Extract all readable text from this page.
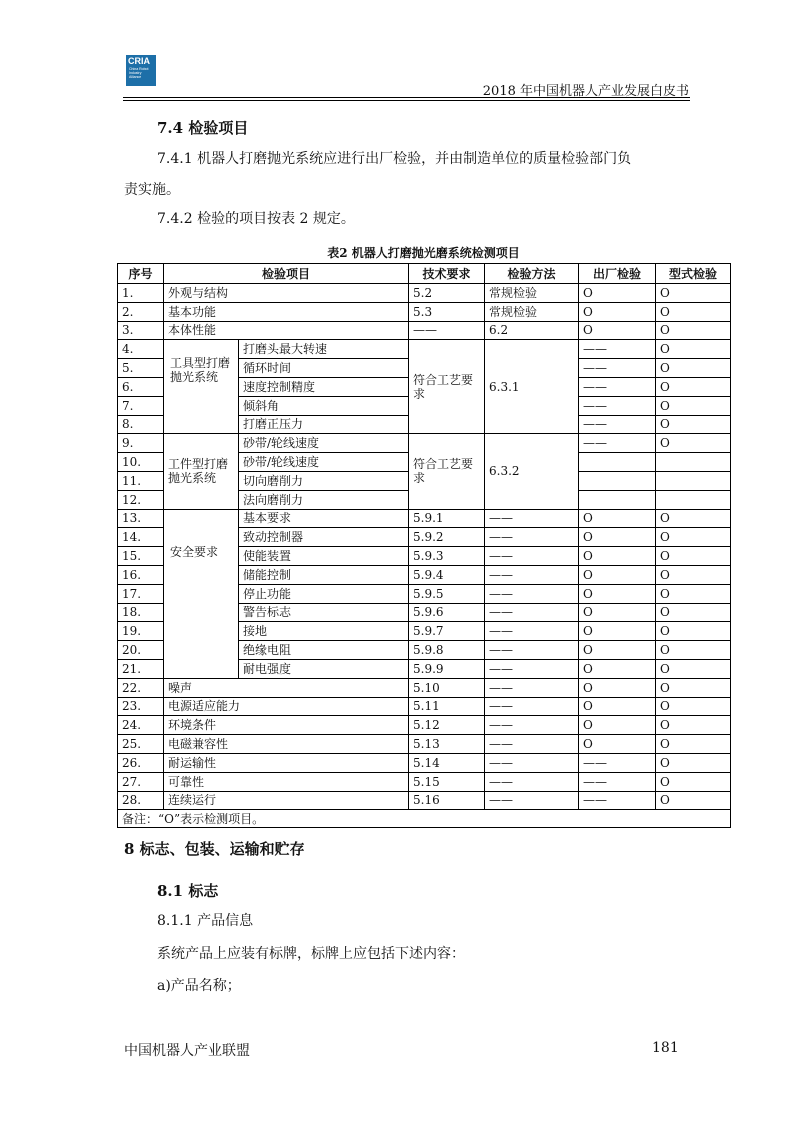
CRIA
China Robot Industry Alliance
2018 年中国机器人产业发展白皮书
7.4 检验项目
7.4.1 机器人打磨抛光系统应进行出厂检验，并由制造单位的质量检验部门负
责实施。
7.4.2 检验的项目按表 2 规定。
表2 机器人打磨抛光磨系统检测项目
序号	检验项目		技术要求	检验方法	出厂检验	型式检验
1.	外观与结构		5.2	常规检验	O	O
2.	基本功能		5.3	常规检验	O	O
3.	本体性能		——	6.2	O	O
4.	工具型打磨抛光系统	打磨头最大转速	符合工艺要求	6.3.1	——	O
5.		循环时间			——	O
6.		速度控制精度			——	O
7.		倾斜角			——	O
8.		打磨正压力			——	O
9.	工件型打磨抛光系统	砂带/轮线速度	符合工艺要求	6.3.2	——	O
10.		砂带/轮线速度				
11.		切向磨削力				
12.		法向磨削力				
13.	安全要求	基本要求	5.9.1	——	O	O
14.		致动控制器	5.9.2	——	O	O
15.		使能装置	5.9.3	——	O	O
16.		储能控制	5.9.4	——	O	O
17.		停止功能	5.9.5	——	O	O
18.		警告标志	5.9.6	——	O	O
19.		接地	5.9.7	——	O	O
20.		绝缘电阻	5.9.8	——	O	O
21.		耐电强度	5.9.9	——	O	O
22.	噪声		5.10	——	O	O
23.	电源适应能力		5.11	——	O	O
24.	环境条件		5.12	——	O	O
25.	电磁兼容性		5.13	——	O	O
26.	耐运输性		5.14	——	——	O
27.	可靠性		5.15	——	——	O
28.	连续运行		5.16	——	——	O
备注：“O”表示检测项目。						
8 标志、包装、运输和贮存
8.1 标志
8.1.1 产品信息
系统产品上应装有标牌，标牌上应包括下述内容：
a)产品名称；
中国机器人产业联盟	181
